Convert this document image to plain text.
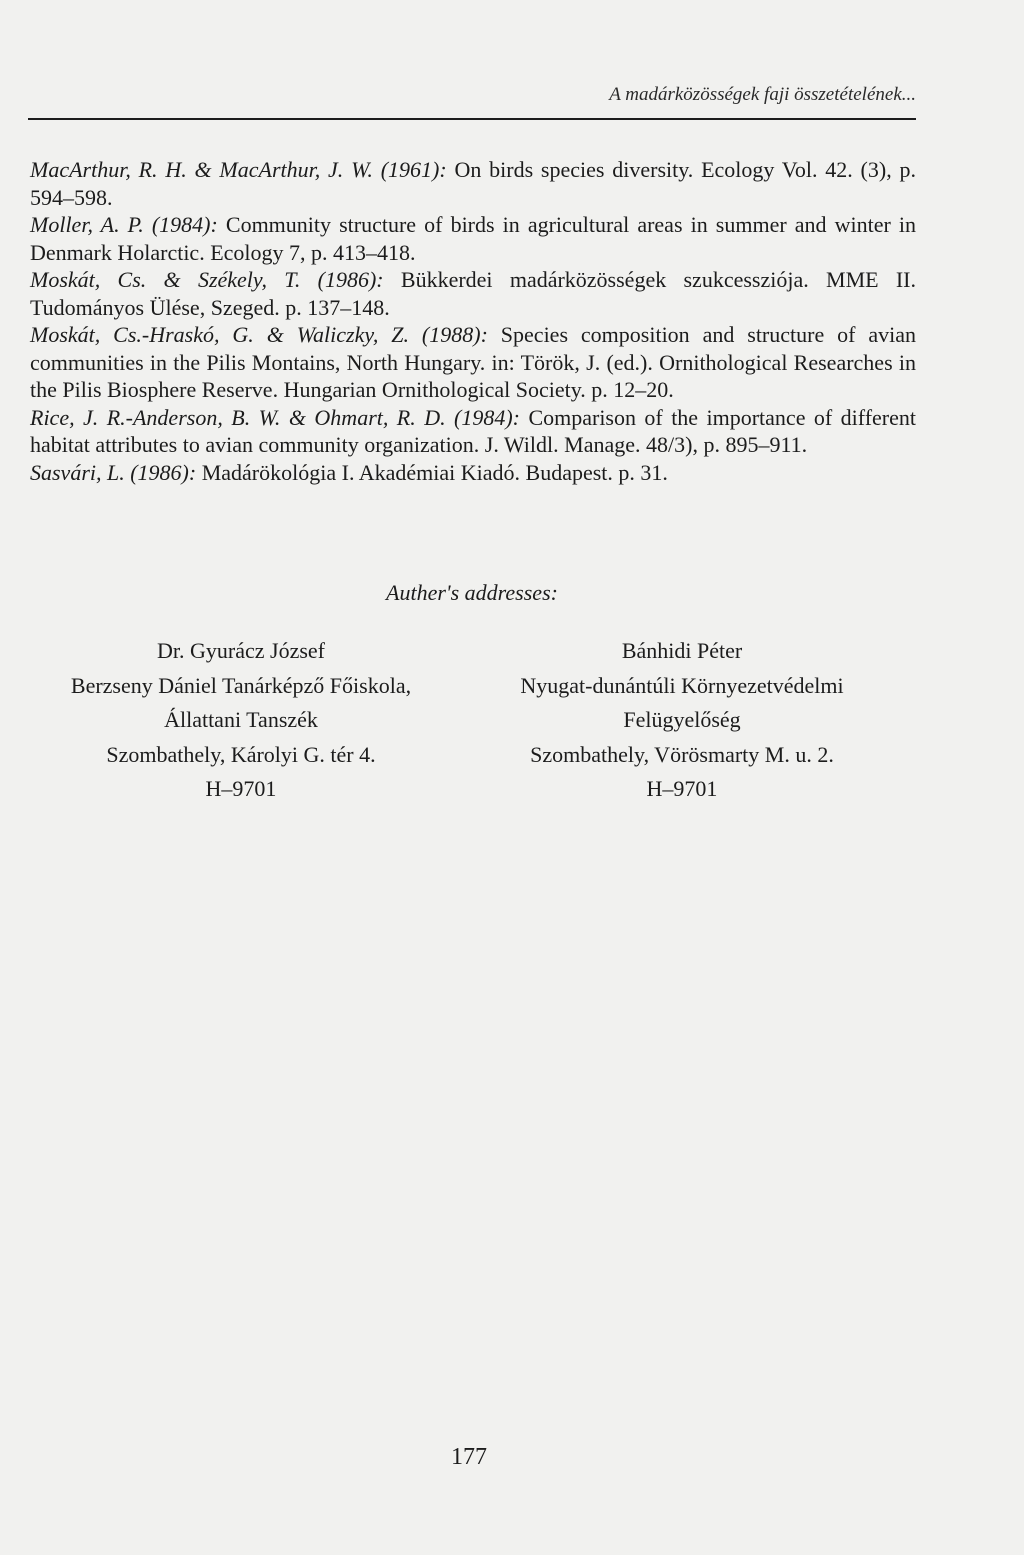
A madárközösségek faji összetételének...

MacArthur, R. H. & MacArthur, J. W. (1961): On birds species diversity. Ecology Vol. 42. (3), p. 594–598.

Moller, A. P. (1984): Community structure of birds in agricultural areas in summer and winter in Denmark Holarctic. Ecology 7, p. 413–418.

Moskát, Cs. & Székely, T. (1986): Bükkerdei madárközösségek szukcessziója. MME II. Tudományos Ülése, Szeged. p. 137–148.

Moskát, Cs.-Hraskó, G. & Waliczky, Z. (1988): Species composition and structure of avian communities in the Pilis Montains, North Hungary. in: Török, J. (ed.). Ornithological Researches in the Pilis Biosphere Reserve. Hungarian Ornithological Society. p. 12–20.

Rice, J. R.-Anderson, B. W. & Ohmart, R. D. (1984): Comparison of the importance of different habitat attributes to avian community organization. J. Wildl. Manage. 48/3), p. 895–911.

Sasvári, L. (1986): Madárökológia I. Akadémiai Kiadó. Budapest. p. 31.

Auther's addresses:
Dr. Gyurácz József
Berzseny Dániel Tanárképző Főiskola,
Állattani Tanszék
Szombathely, Károlyi G. tér 4.
H–9701
Bánhidi Péter
Nyugat-dunántúli Környezetvédelmi
Felügyelőség
Szombathely, Vörösmarty M. u. 2.
H–9701
177
